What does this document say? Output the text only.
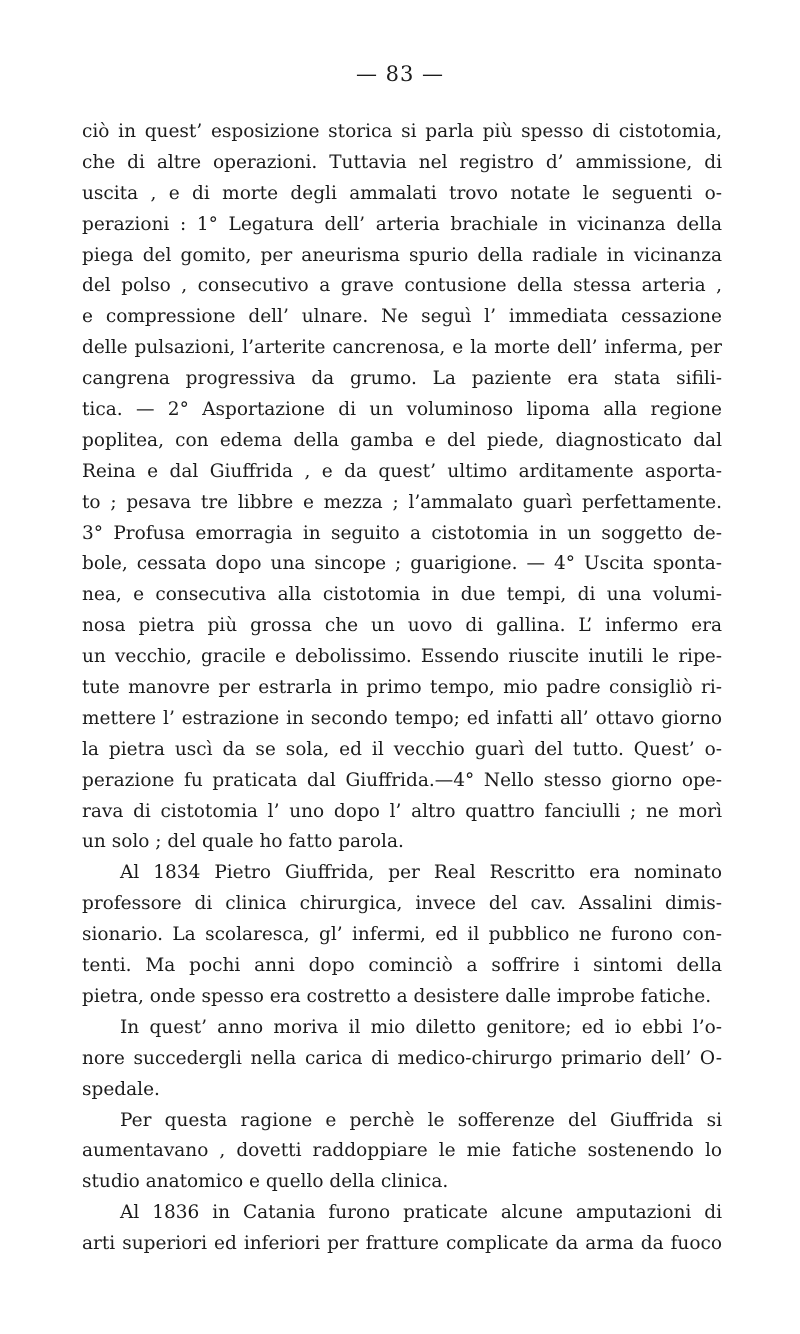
— 83 —
ciò in quest’ esposizione storica si parla più spesso di cistotomia,
che di altre operazioni. Tuttavia nel registro d’ ammissione, di
uscita , e di morte degli ammalati trovo notate le seguenti o-
perazioni : 1° Legatura dell’ arteria brachiale in vicinanza della
piega del gomito, per aneurisma spurio della radiale in vicinanza
del polso , consecutivo a grave contusione della stessa arteria ,
e compressione dell’ ulnare. Ne seguì l’ immediata cessazione
delle pulsazioni, l’arterite cancrenosa, e la morte dell’ inferma, per
cangrena progressiva da grumo. La paziente era stata sifili-
tica. — 2° Asportazione di un voluminoso lipoma alla regione
poplitea, con edema della gamba e del piede, diagnosticato dal
Reina e dal Giuffrida , e da quest’ ultimo arditamente asporta-
to ; pesava tre libbre e mezza ; l’ammalato guarì perfettamente.
3° Profusa emorragia in seguito a cistotomia in un soggetto de-
bole, cessata dopo una sincope ; guarigione. — 4° Uscita sponta-
nea, e consecutiva alla cistotomia in due tempi, di una volumi-
nosa pietra più grossa che un uovo di gallina. L’ infermo era
un vecchio, gracile e debolissimo. Essendo riuscite inutili le ripe-
tute manovre per estrarla in primo tempo, mio padre consigliò ri-
mettere l’ estrazione in secondo tempo; ed infatti all’ ottavo giorno
la pietra uscì da se sola, ed il vecchio guarì del tutto. Quest’ o-
perazione fu praticata dal Giuffrida.—4° Nello stesso giorno ope-
rava di cistotomia l’ uno dopo l’ altro quattro fanciulli ; ne morì
un solo ; del quale ho fatto parola.
Al 1834 Pietro Giuffrida, per Real Rescritto era nominato
professore di clinica chirurgica, invece del cav. Assalini dimis-
sionario. La scolaresca, gl’ infermi, ed il pubblico ne furono con-
tenti. Ma pochi anni dopo cominciò a soffrire i sintomi della
pietra, onde spesso era costretto a desistere dalle improbe fatiche.
In quest’ anno moriva il mio diletto genitore; ed io ebbi l’o-
nore succedergli nella carica di medico-chirurgo primario dell’ O-
spedale.
Per questa ragione e perchè le sofferenze del Giuffrida si
aumentavano , dovetti raddoppiare le mie fatiche sostenendo lo
studio anatomico e quello della clinica.
Al 1836 in Catania furono praticate alcune amputazioni di
arti superiori ed inferiori per fratture complicate da arma da fuoco
